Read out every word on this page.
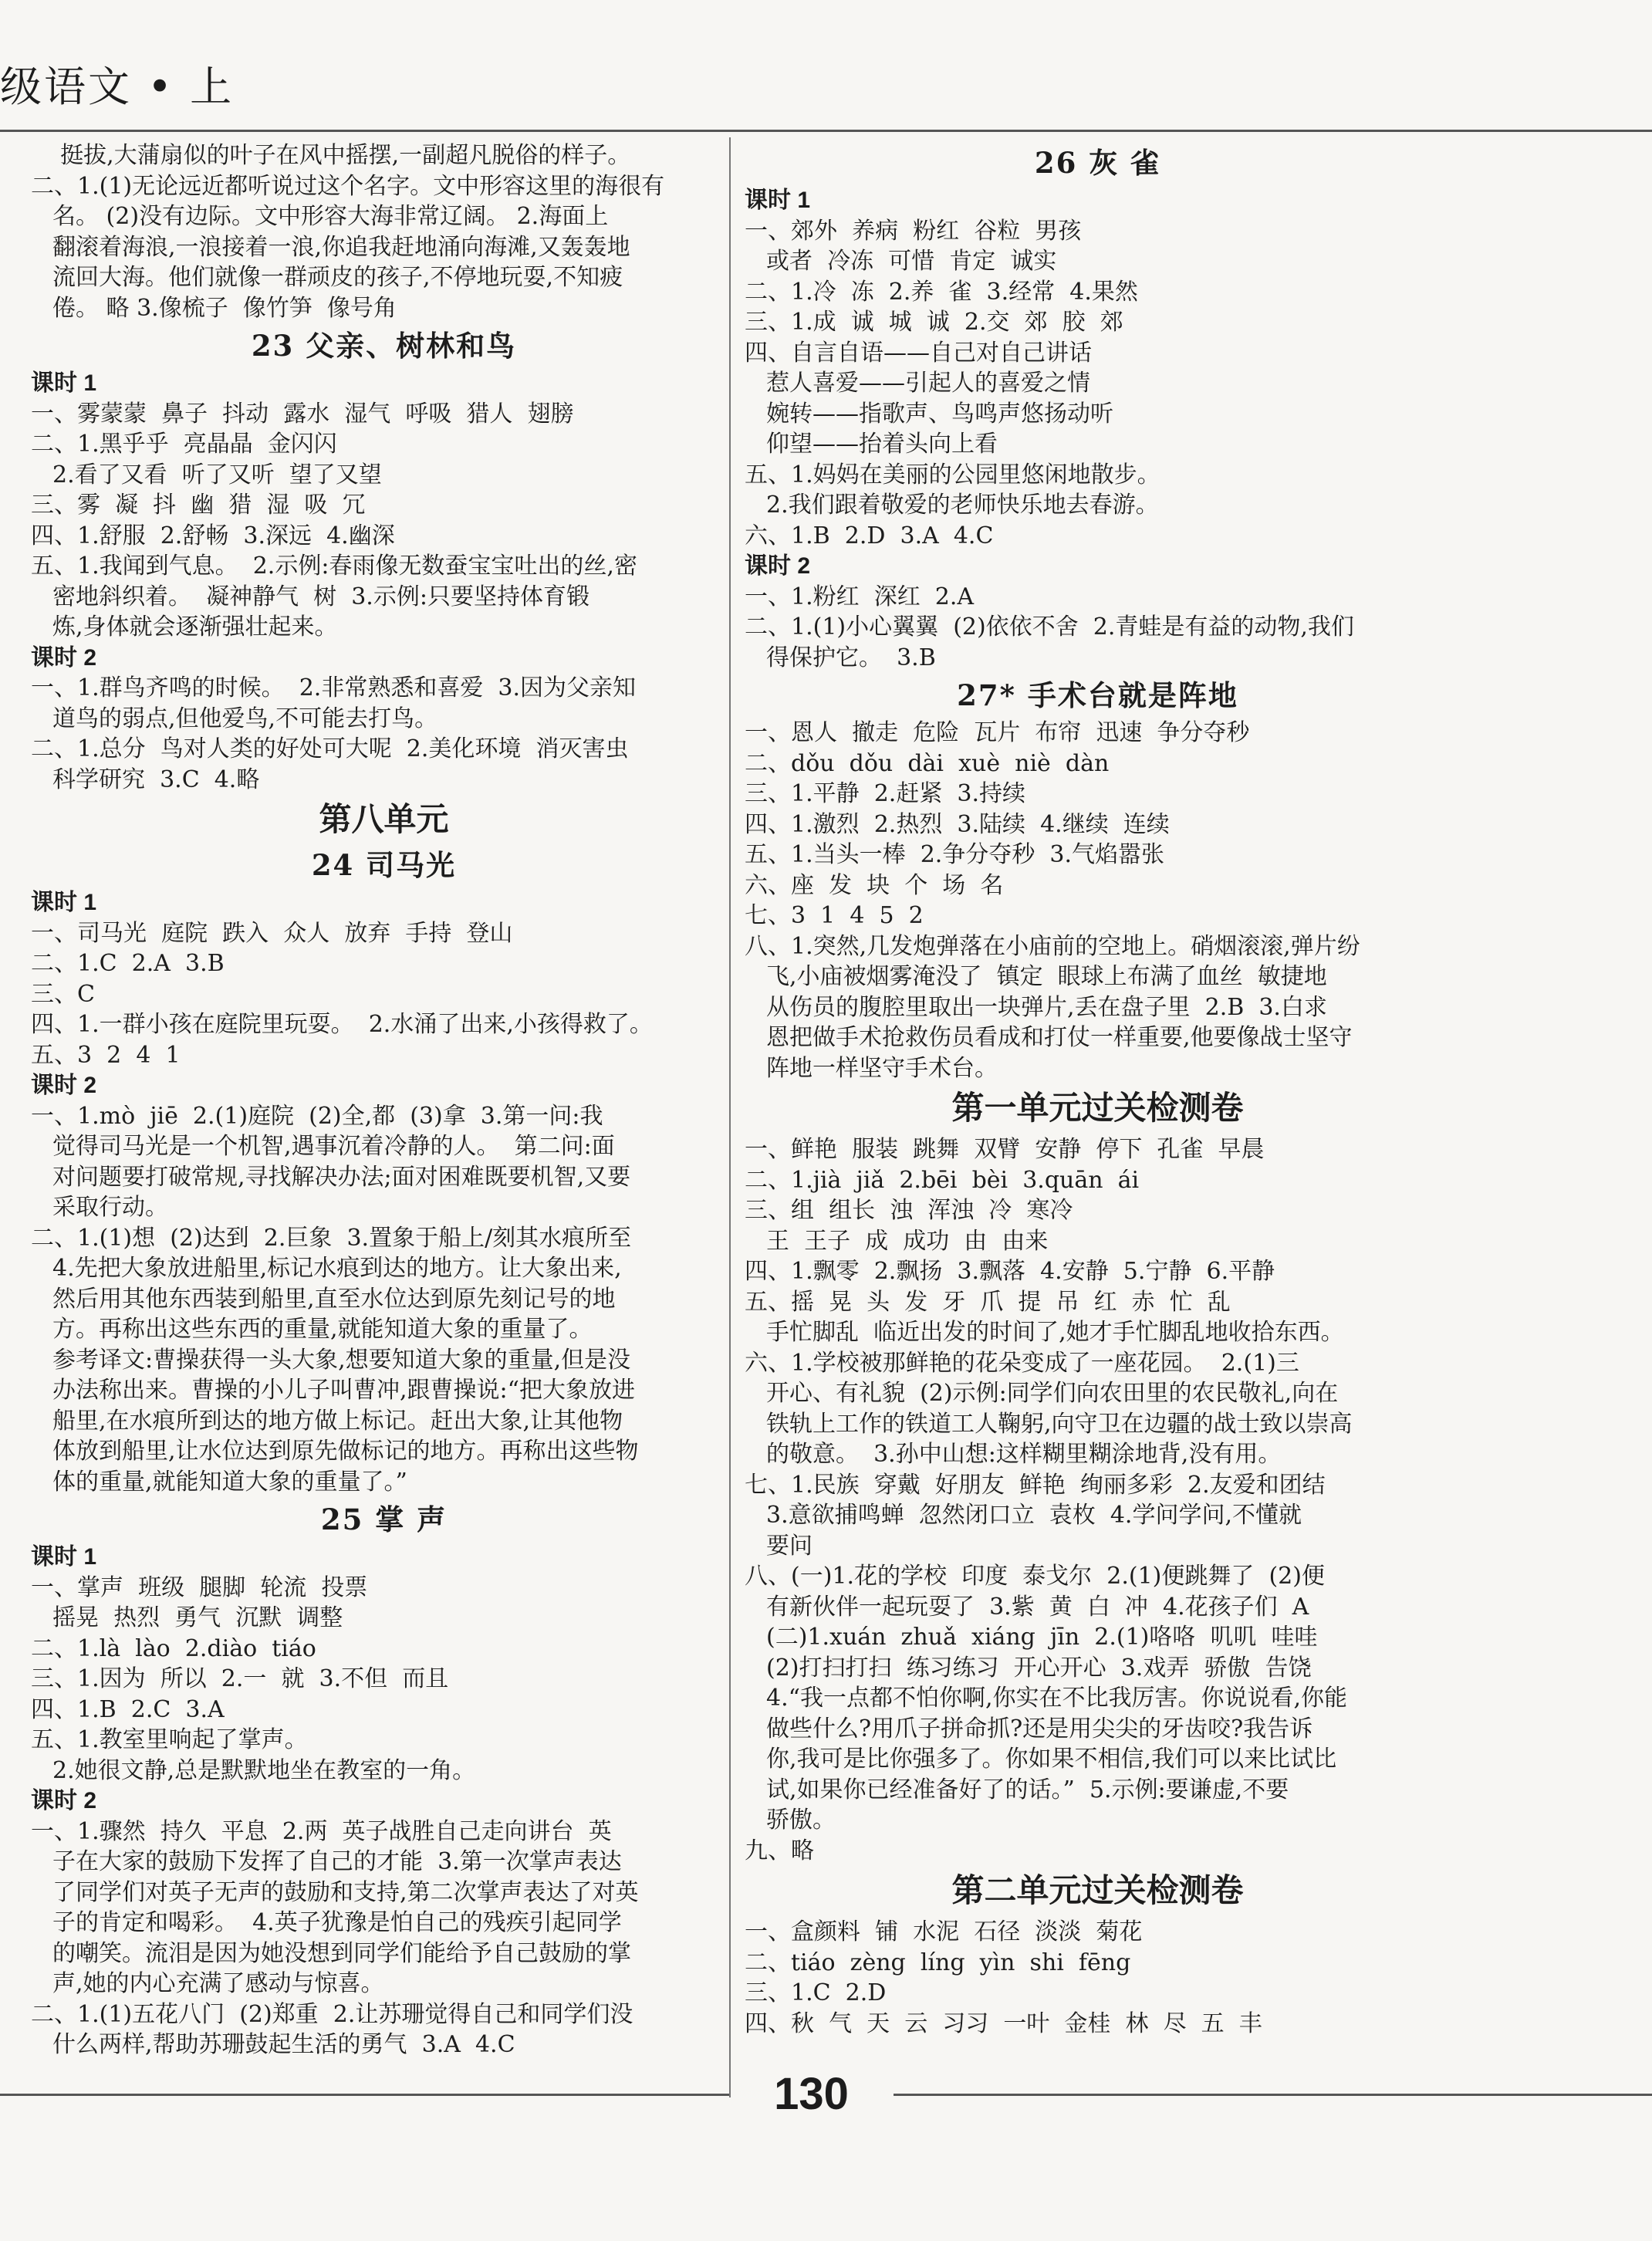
级语文 • 上
挺拔,大蒲扇似的叶子在风中摇摆,一副超凡脱俗的样子。
二、1.(1)无论远近都听说过这个名字。文中形容这里的海很有
名。 (2)没有边际。文中形容大海非常辽阔。 2.海面上
翻滚着海浪,一浪接着一浪,你追我赶地涌向海滩,又轰轰地
流回大海。他们就像一群顽皮的孩子,不停地玩耍,不知疲
倦。 略 3.像梳子  像竹笋  像号角
23 父亲、树林和鸟
课时 1
一、雾蒙蒙  鼻子  抖动  露水  湿气  呼吸  猎人  翅膀
二、1.黑乎乎  亮晶晶  金闪闪
2.看了又看  听了又听  望了又望
三、雾  凝  抖  幽  猎  湿  吸  冗
四、1.舒服  2.舒畅  3.深远  4.幽深
五、1.我闻到气息。  2.示例:春雨像无数蚕宝宝吐出的丝,密
密地斜织着。  凝神静气  树  3.示例:只要坚持体育锻
炼,身体就会逐渐强壮起来。
课时 2
一、1.群鸟齐鸣的时候。  2.非常熟悉和喜爱  3.因为父亲知
道鸟的弱点,但他爱鸟,不可能去打鸟。
二、1.总分  鸟对人类的好处可大呢  2.美化环境  消灭害虫
科学研究  3.C  4.略
第八单元
24 司马光
课时 1
一、司马光  庭院  跌入  众人  放弃  手持  登山
二、1.C  2.A  3.B
三、C
四、1.一群小孩在庭院里玩耍。  2.水涌了出来,小孩得救了。
五、3  2  4  1
课时 2
一、1.mò  jiē  2.(1)庭院  (2)全,都  (3)拿  3.第一问:我
觉得司马光是一个机智,遇事沉着冷静的人。  第二问:面
对问题要打破常规,寻找解决办法;面对困难既要机智,又要
采取行动。
二、1.(1)想  (2)达到  2.巨象  3.置象于船上/刻其水痕所至
4.先把大象放进船里,标记水痕到达的地方。让大象出来,
然后用其他东西装到船里,直至水位达到原先刻记号的地
方。再称出这些东西的重量,就能知道大象的重量了。
参考译文:曹操获得一头大象,想要知道大象的重量,但是没
办法称出来。曹操的小儿子叫曹冲,跟曹操说:“把大象放进
船里,在水痕所到达的地方做上标记。赶出大象,让其他物
体放到船里,让水位达到原先做标记的地方。再称出这些物
体的重量,就能知道大象的重量了。”
25 掌 声
课时 1
一、掌声  班级  腿脚  轮流  投票
摇晃  热烈  勇气  沉默  调整
二、1.là  lào  2.diào  tiáo
三、1.因为  所以  2.一  就  3.不但  而且
四、1.B  2.C  3.A
五、1.教室里响起了掌声。
2.她很文静,总是默默地坐在教室的一角。
课时 2
一、1.骤然  持久  平息  2.两  英子战胜自己走向讲台  英
子在大家的鼓励下发挥了自己的才能  3.第一次掌声表达
了同学们对英子无声的鼓励和支持,第二次掌声表达了对英
子的肯定和喝彩。  4.英子犹豫是怕自己的残疾引起同学
的嘲笑。流泪是因为她没想到同学们能给予自己鼓励的掌
声,她的内心充满了感动与惊喜。
二、1.(1)五花八门  (2)郑重  2.让苏珊觉得自己和同学们没
什么两样,帮助苏珊鼓起生活的勇气  3.A  4.C
26 灰 雀
课时 1
一、郊外  养病  粉红  谷粒  男孩
或者  冷冻  可惜  肯定  诚实
二、1.冷  冻  2.养  雀  3.经常  4.果然
三、1.成  诚  城  诚  2.交  郊  胶  郊
四、自言自语——自己对自己讲话
惹人喜爱——引起人的喜爱之情
婉转——指歌声、鸟鸣声悠扬动听
仰望——抬着头向上看
五、1.妈妈在美丽的公园里悠闲地散步。
2.我们跟着敬爱的老师快乐地去春游。
六、1.B  2.D  3.A  4.C
课时 2
一、1.粉红  深红  2.A
二、1.(1)小心翼翼  (2)依依不舍  2.青蛙是有益的动物,我们
得保护它。  3.B
27* 手术台就是阵地
一、恩人  撤走  危险  瓦片  布帘  迅速  争分夺秒
二、dǒu  dǒu  dài  xuè  niè  dàn
三、1.平静  2.赶紧  3.持续
四、1.激烈  2.热烈  3.陆续  4.继续  连续
五、1.当头一棒  2.争分夺秒  3.气焰嚣张
六、座  发  块  个  场  名
七、3  1  4  5  2
八、1.突然,几发炮弹落在小庙前的空地上。硝烟滚滚,弹片纷
飞,小庙被烟雾淹没了  镇定  眼球上布满了血丝  敏捷地
从伤员的腹腔里取出一块弹片,丢在盘子里  2.B  3.白求
恩把做手术抢救伤员看成和打仗一样重要,他要像战士坚守
阵地一样坚守手术台。
第一单元过关检测卷
一、鲜艳  服装  跳舞  双臂  安静  停下  孔雀  早晨
二、1.jià  jiǎ  2.bēi  bèi  3.quān  ái
三、组  组长  浊  浑浊  冷  寒冷
王  王子  成  成功  由  由来
四、1.飘零  2.飘扬  3.飘落  4.安静  5.宁静  6.平静
五、摇  晃  头  发  牙  爪  提  吊  红  赤  忙  乱
手忙脚乱  临近出发的时间了,她才手忙脚乱地收拾东西。
六、1.学校被那鲜艳的花朵变成了一座花园。  2.(1)三
开心、有礼貌  (2)示例:同学们向农田里的农民敬礼,向在
铁轨上工作的铁道工人鞠躬,向守卫在边疆的战士致以崇高
的敬意。  3.孙中山想:这样糊里糊涂地背,没有用。
七、1.民族  穿戴  好朋友  鲜艳  绚丽多彩  2.友爱和团结
3.意欲捕鸣蝉  忽然闭口立  袁枚  4.学问学问,不懂就
要问
八、(一)1.花的学校  印度  泰戈尔  2.(1)便跳舞了  (2)便
有新伙伴一起玩耍了  3.紫  黄  白  冲  4.花孩子们  A
(二)1.xuán  zhuǎ  xiáng  jīn  2.(1)咯咯  叽叽  哇哇
(2)打扫打扫  练习练习  开心开心  3.戏弄  骄傲  告饶
4.“我一点都不怕你啊,你实在不比我厉害。你说说看,你能
做些什么?用爪子拼命抓?还是用尖尖的牙齿咬?我告诉
你,我可是比你强多了。你如果不相信,我们可以来比试比
试,如果你已经准备好了的话。”  5.示例:要谦虚,不要
骄傲。
九、略
第二单元过关检测卷
一、盒颜料  铺  水泥  石径  淡淡  菊花
二、tiáo  zèng  líng  yìn  shi  fēng
三、1.C  2.D
四、秋  气  天  云  习习  一叶  金桂  林  尽  五  丰
130
